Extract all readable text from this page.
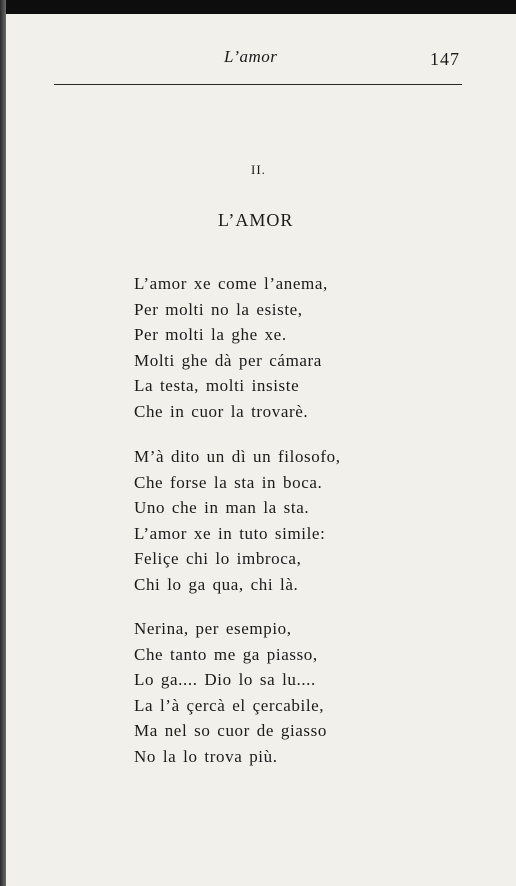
L’amor	147
II.
L’AMOR
L’amor xe come l’anema,
Per molti no la esiste,
Per molti la ghe xe.
Molti ghe dà per cámara
La testa, molti insiste
Che in cuor la trovarè.
M’à dito un dì un filosofo,
Che forse la sta in boca.
Uno che in man la sta.
L’amor xe in tuto simile:
Feliçe chi lo imbroca,
Chi lo ga qua, chi là.
Nerina, per esempio,
Che tanto me ga piasso,
Lo ga.... Dio lo sa lu....
La l’à çercà el çercabile,
Ma nel so cuor de giasso
No la lo trova più.
